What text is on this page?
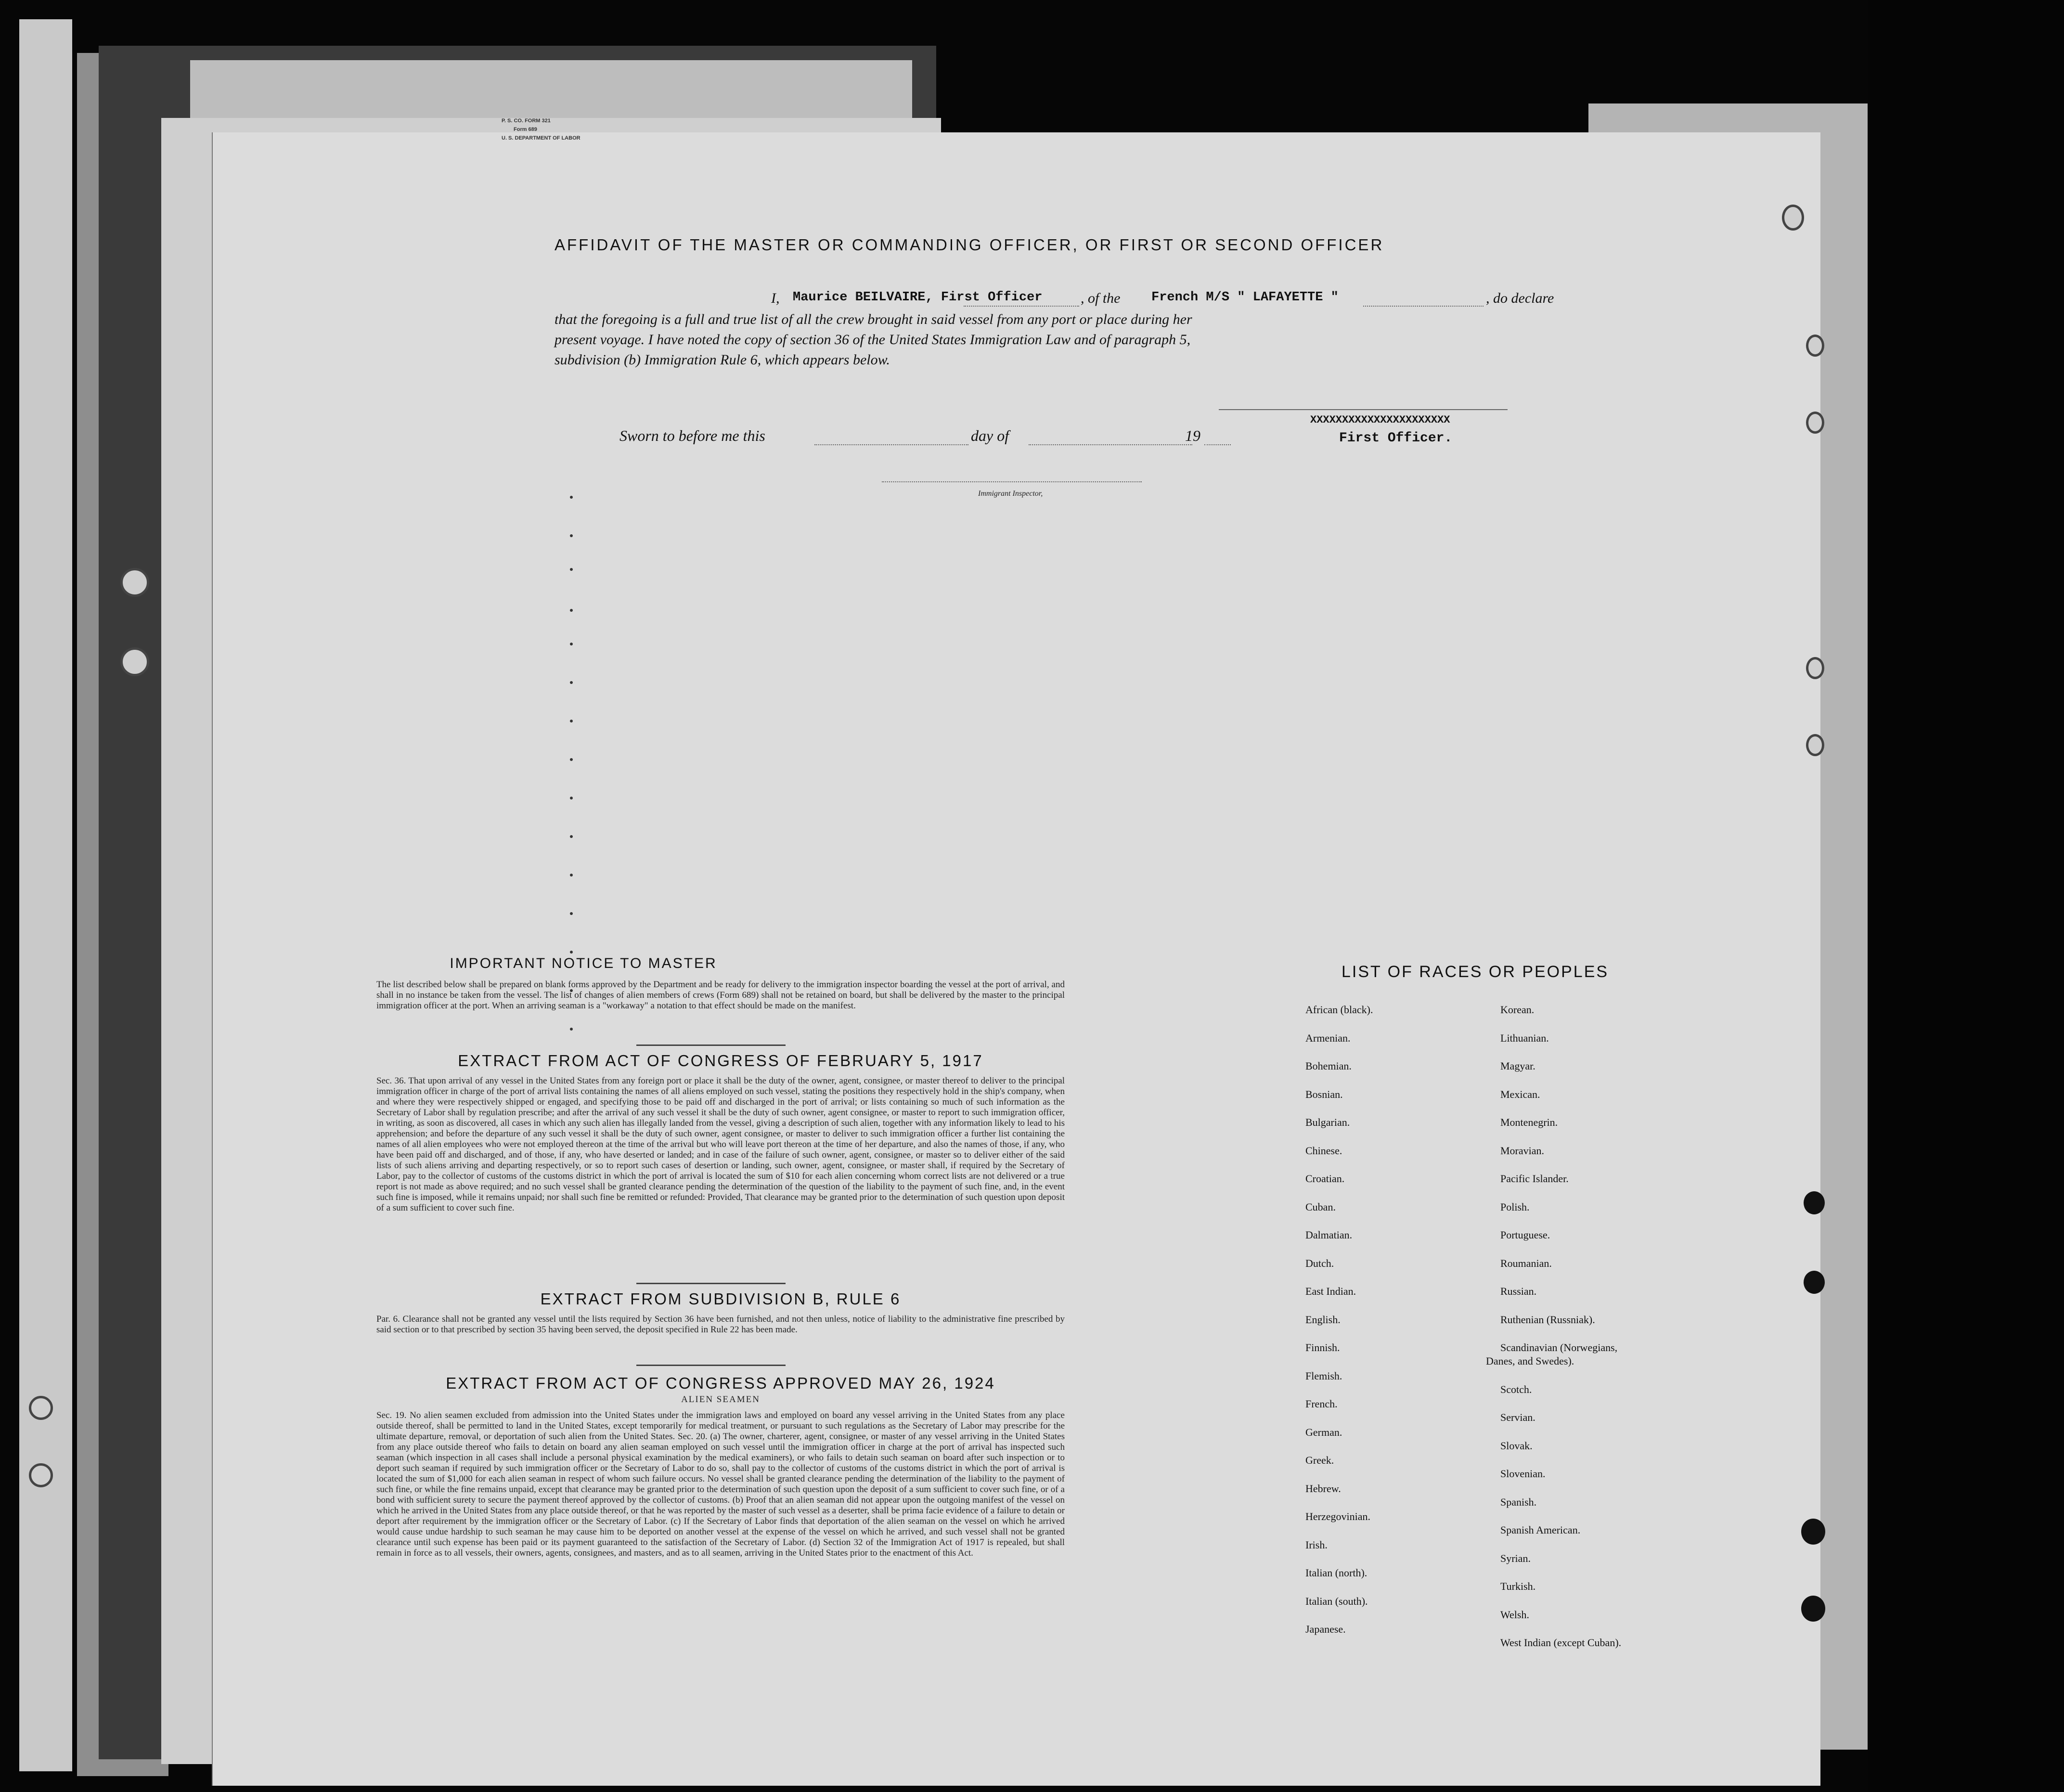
P. S. CO. FORM 321
Form 689
U. S. DEPARTMENT OF LABOR
AFFIDAVIT OF THE MASTER OR COMMANDING OFFICER, OR FIRST OR SECOND OFFICER
I, Maurice BEILVAIRE, First Officer	, of the French M/S " LAFAYETTE "	, do declare
that the foregoing is a full and true list of all the crew brought in said vessel from any port or place during her
present voyage. I have noted the copy of section 36 of the United States Immigration Law and of paragraph 5,
subdivision (b) Immigration Rule 6, which appears below.
Sworn to before me this	day of	19
XXXXXXXXXXXXXXXXXXXXXX
First Officer.
Immigrant Inspector,
IMPORTANT NOTICE TO MASTER
The list described below shall be prepared on blank forms approved by the Department and be ready for delivery to the immigration inspector boarding the vessel at the port of arrival, and shall in no instance be taken from the vessel. The list of changes of alien members of crews (Form 689) shall not be retained on board, but shall be delivered by the master to the principal immigration officer at the port. When an arriving seaman is a "workaway" a notation to that effect should be made on the manifest.
EXTRACT FROM ACT OF CONGRESS OF FEBRUARY 5, 1917
Sec. 36. That upon arrival of any vessel in the United States from any foreign port or place it shall be the duty of the owner, agent, consignee, or master thereof to deliver to the principal immigration officer in charge of the port of arrival lists containing the names of all aliens employed on such vessel, stating the positions they respectively hold in the ship's company, when and where they were respectively shipped or engaged, and specifying those to be paid off and discharged in the port of arrival; or lists containing so much of such information as the Secretary of Labor shall by regulation prescribe; and after the arrival of any such vessel it shall be the duty of such owner, agent consignee, or master to report to such immigration officer, in writing, as soon as discovered, all cases in which any such alien has illegally landed from the vessel, giving a description of such alien, together with any information likely to lead to his apprehension; and before the departure of any such vessel it shall be the duty of such owner, agent consignee, or master to deliver to such immigration officer a further list containing the names of all alien employees who were not employed thereon at the time of the arrival but who will leave port thereon at the time of her departure, and also the names of those, if any, who have been paid off and discharged, and of those, if any, who have deserted or landed; and in case of the failure of such owner, agent, consignee, or master so to deliver either of the said lists of such aliens arriving and departing respectively, or so to report such cases of desertion or landing, such owner, agent, consignee, or master shall, if required by the Secretary of Labor, pay to the collector of customs of the customs district in which the port of arrival is located the sum of $10 for each alien concerning whom correct lists are not delivered or a true report is not made as above required; and no such vessel shall be granted clearance pending the determination of the question of the liability to the payment of such fine, and, in the event such fine is imposed, while it remains unpaid; nor shall such fine be remitted or refunded: Provided, That clearance may be granted prior to the determination of such question upon deposit of a sum sufficient to cover such fine.
EXTRACT FROM SUBDIVISION B, RULE 6
Par. 6. Clearance shall not be granted any vessel until the lists required by Section 36 have been furnished, and not then unless, notice of liability to the administrative fine prescribed by said section or to that prescribed by section 35 having been served, the deposit specified in Rule 22 has been made.
EXTRACT FROM ACT OF CONGRESS APPROVED MAY 26, 1924
ALIEN SEAMEN
Sec. 19. No alien seamen excluded from admission into the United States under the immigration laws and employed on board any vessel arriving in the United States from any place outside thereof, shall be permitted to land in the United States, except temporarily for medical treatment, or pursuant to such regulations as the Secretary of Labor may prescribe for the ultimate departure, removal, or deportation of such alien from the United States. Sec. 20. (a) The owner, charterer, agent, consignee, or master of any vessel arriving in the United States from any place outside thereof who fails to detain on board any alien seaman employed on such vessel until the immigration officer in charge at the port of arrival has inspected such seaman (which inspection in all cases shall include a personal physical examination by the medical examiners), or who fails to detain such seaman on board after such inspection or to deport such seaman if required by such immigration officer or the Secretary of Labor to do so, shall pay to the collector of customs of the customs district in which the port of arrival is located the sum of $1,000 for each alien seaman in respect of whom such failure occurs. No vessel shall be granted clearance pending the determination of the liability to the payment of such fine, or while the fine remains unpaid, except that clearance may be granted prior to the determination of such question upon the deposit of a sum sufficient to cover such fine, or of a bond with sufficient surety to secure the payment thereof approved by the collector of customs. (b) Proof that an alien seaman did not appear upon the outgoing manifest of the vessel on which he arrived in the United States from any place outside thereof, or that he was reported by the master of such vessel as a deserter, shall be prima facie evidence of a failure to detain or deport after requirement by the immigration officer or the Secretary of Labor. (c) If the Secretary of Labor finds that deportation of the alien seaman on the vessel on which he arrived would cause undue hardship to such seaman he may cause him to be deported on another vessel at the expense of the vessel on which he arrived, and such vessel shall not be granted clearance until such expense has been paid or its payment guaranteed to the satisfaction of the Secretary of Labor. (d) Section 32 of the Immigration Act of 1917 is repealed, but shall remain in force as to all vessels, their owners, agents, consignees, and masters, and as to all seamen, arriving in the United States prior to the enactment of this Act.
LIST OF RACES OR PEOPLES
African (black).
Armenian.
Bohemian.
Bosnian.
Bulgarian.
Chinese.
Croatian.
Cuban.
Dalmatian.
Dutch.
East Indian.
English.
Finnish.
Flemish.
French.
German.
Greek.
Hebrew.
Herzegovinian.
Irish.
Italian (north).
Italian (south).
Japanese.
Korean.
Lithuanian.
Magyar.
Mexican.
Montenegrin.
Moravian.
Pacific Islander.
Polish.
Portuguese.
Roumanian.
Russian.
Ruthenian (Russniak).
Scandinavian (Norwegians,
Danes, and Swedes).
Scotch.
Servian.
Slovak.
Slovenian.
Spanish.
Spanish American.
Syrian.
Turkish.
Welsh.
West Indian (except Cuban).
